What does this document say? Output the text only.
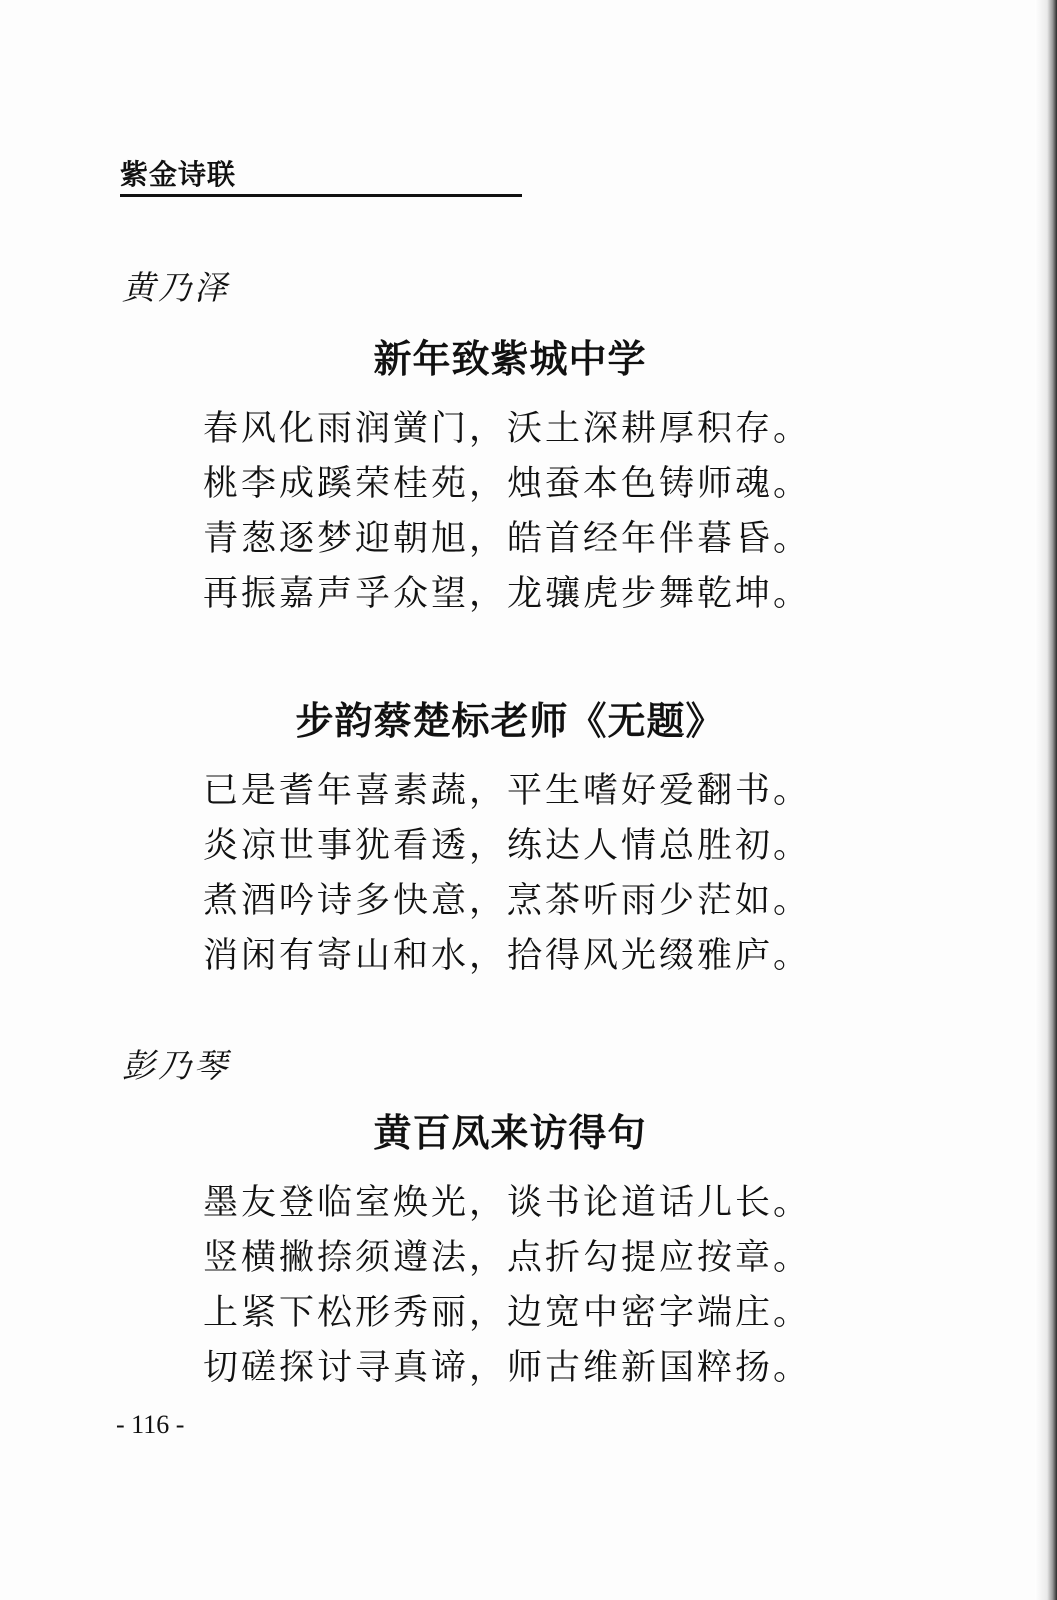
紫金诗联
黄乃泽
新年致紫城中学
春风化雨润黉门，沃土深耕厚积存。
桃李成蹊荣桂苑，烛蚕本色铸师魂。
青葱逐梦迎朝旭，皓首经年伴暮昏。
再振嘉声孚众望，龙骧虎步舞乾坤。
步韵蔡楚标老师《无题》
已是耆年喜素蔬，平生嗜好爱翻书。
炎凉世事犹看透，练达人情总胜初。
煮酒吟诗多快意，烹茶听雨少茫如。
消闲有寄山和水，拾得风光缀雅庐。
彭乃琴
黄百凤来访得句
墨友登临室焕光，谈书论道话儿长。
竖横撇捺须遵法，点折勾提应按章。
上紧下松形秀丽，边宽中密字端庄。
切磋探讨寻真谛，师古维新国粹扬。
- 116 -
